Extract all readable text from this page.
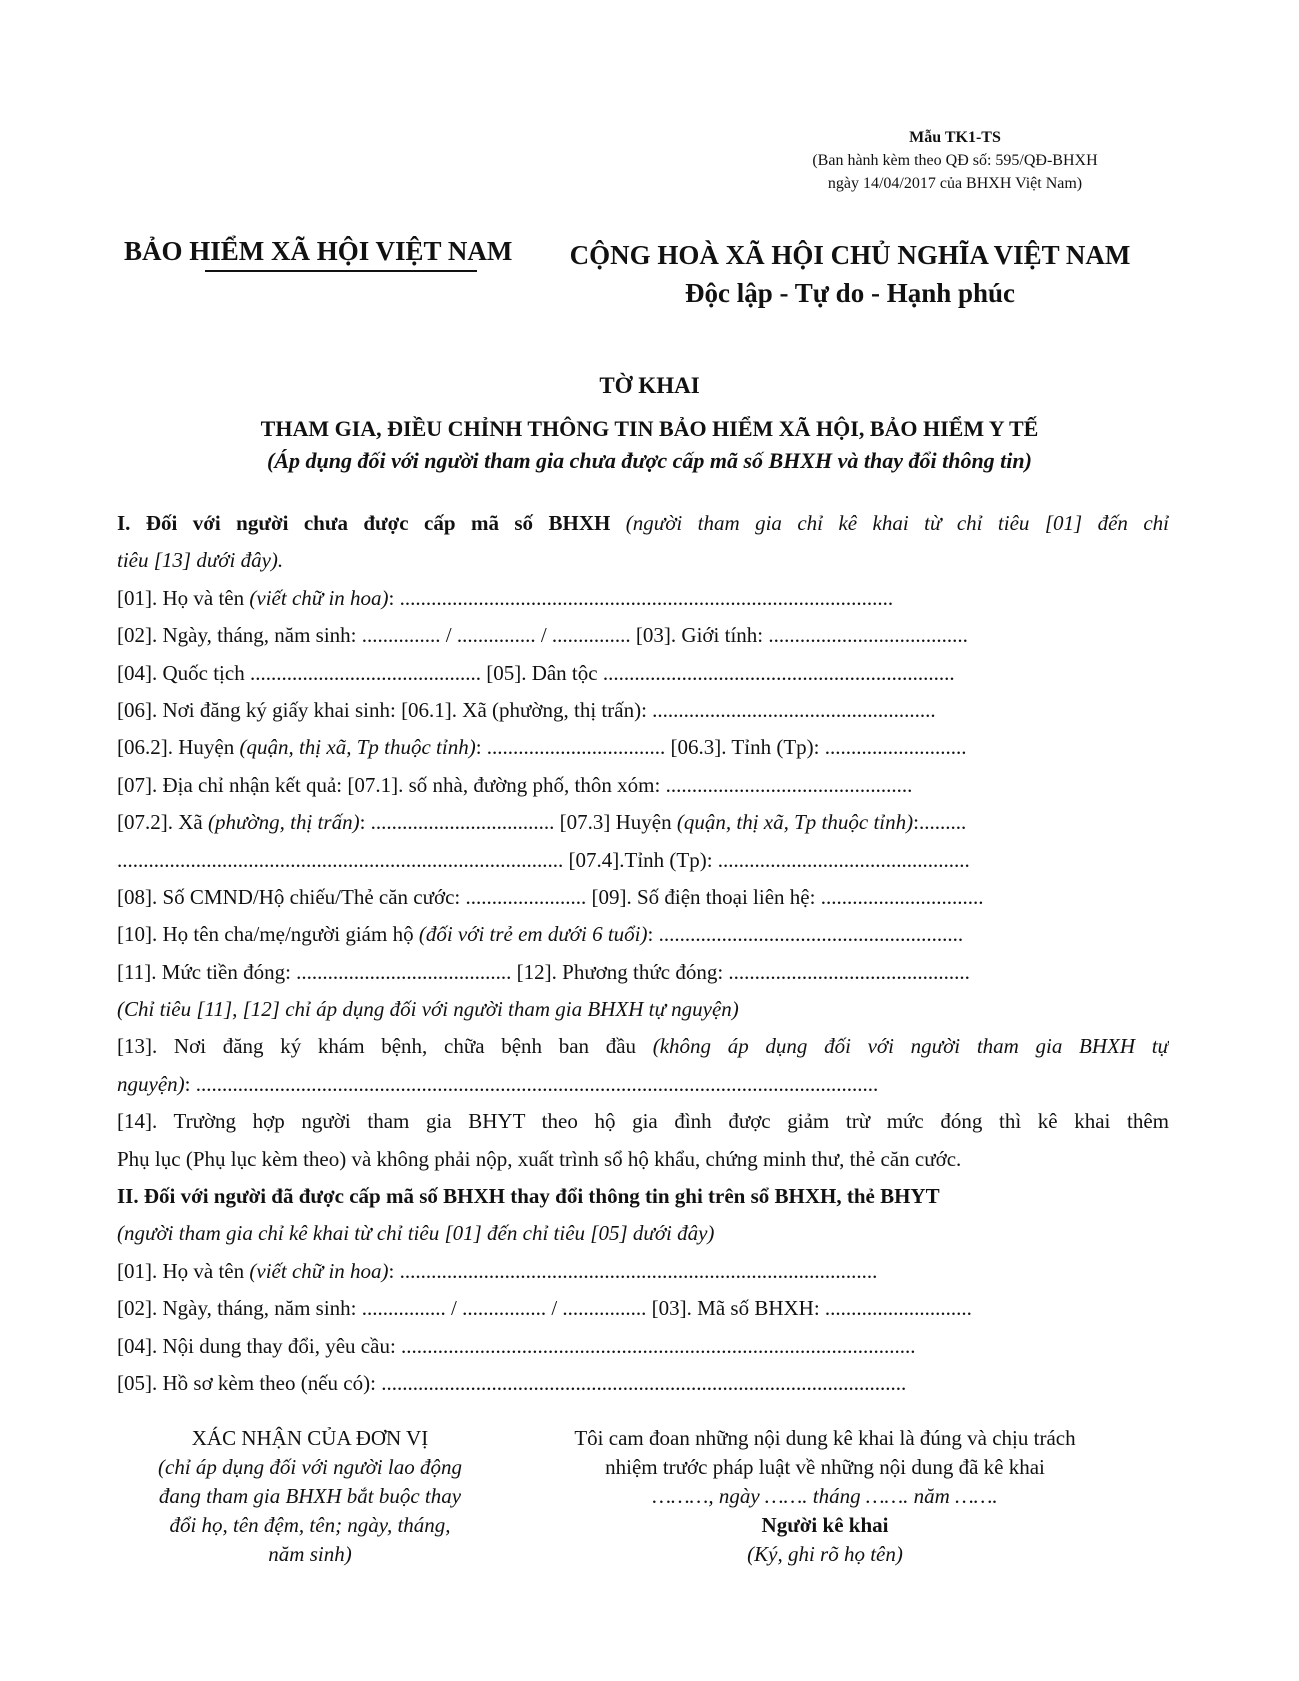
Mẫu TK1-TS
(Ban hành kèm theo QĐ số: 595/QĐ-BHXH
ngày 14/04/2017 của BHXH Việt Nam)
BẢO HIỂM XÃ HỘI VIỆT NAM	CỘNG HOÀ XÃ HỘI CHỦ NGHĨA VIỆT NAM
Độc lập - Tự do - Hạnh phúc
TỜ KHAI
THAM GIA, ĐIỀU CHỈNH THÔNG TIN BẢO HIỂM XÃ HỘI, BẢO HIỂM Y TẾ
(Áp dụng đối với người tham gia chưa được cấp mã số BHXH và thay đổi thông tin)
I. Đối với người chưa được cấp mã số BHXH (người tham gia chỉ kê khai từ chỉ tiêu [01] đến chỉ
tiêu [13] dưới đây).
[01]. Họ và tên (viết chữ in hoa): ..............................................................................................
[02]. Ngày, tháng, năm sinh: ............... / ............... / ............... [03]. Giới tính: ......................................
[04]. Quốc tịch ............................................ [05]. Dân tộc ...................................................................
[06]. Nơi đăng ký giấy khai sinh: [06.1]. Xã (phường, thị trấn): ......................................................
[06.2]. Huyện (quận, thị xã, Tp thuộc tỉnh): .................................. [06.3]. Tỉnh (Tp): ...........................
[07]. Địa chỉ nhận kết quả: [07.1]. số nhà, đường phố, thôn xóm: ...............................................
[07.2]. Xã (phường, thị trấn): ................................... [07.3] Huyện (quận, thị xã, Tp thuộc tỉnh):.........
..................................................................................... [07.4].Tỉnh (Tp): ................................................
[08]. Số CMND/Hộ chiếu/Thẻ căn cước: ....................... [09]. Số điện thoại liên hệ: ...............................
[10]. Họ tên cha/mẹ/người giám hộ (đối với trẻ em dưới 6 tuổi): ..........................................................
[11]. Mức tiền đóng: ......................................... [12]. Phương thức đóng: ..............................................
(Chỉ tiêu [11], [12] chỉ áp dụng đối với người tham gia BHXH tự nguyện)
[13]. Nơi đăng ký khám bệnh, chữa bệnh ban đầu (không áp dụng đối với người tham gia BHXH tự
nguyện): ..................................................................................................................................
[14]. Trường hợp người tham gia BHYT theo hộ gia đình được giảm trừ mức đóng thì kê khai thêm
Phụ lục (Phụ lục kèm theo) và không phải nộp, xuất trình sổ hộ khẩu, chứng minh thư, thẻ căn cước.
II. Đối với người đã được cấp mã số BHXH thay đổi thông tin ghi trên sổ BHXH, thẻ BHYT
(người tham gia chỉ kê khai từ chỉ tiêu [01] đến chỉ tiêu [05] dưới đây)
[01]. Họ và tên (viết chữ in hoa): ...........................................................................................
[02]. Ngày, tháng, năm sinh: ................ / ................ / ................ [03]. Mã số BHXH: ............................
[04]. Nội dung thay đổi, yêu cầu: ..................................................................................................
[05]. Hồ sơ kèm theo (nếu có): ....................................................................................................
XÁC NHẬN CỦA ĐƠN VỊ
(chỉ áp dụng đối với người lao động
đang tham gia BHXH bắt buộc thay
đổi họ, tên đệm, tên; ngày, tháng,
năm sinh)
Tôi cam đoan những nội dung kê khai là đúng và chịu trách
nhiệm trước pháp luật về những nội dung đã kê khai
………, ngày ……. tháng ……. năm …….
Người kê khai
(Ký, ghi rõ họ tên)
